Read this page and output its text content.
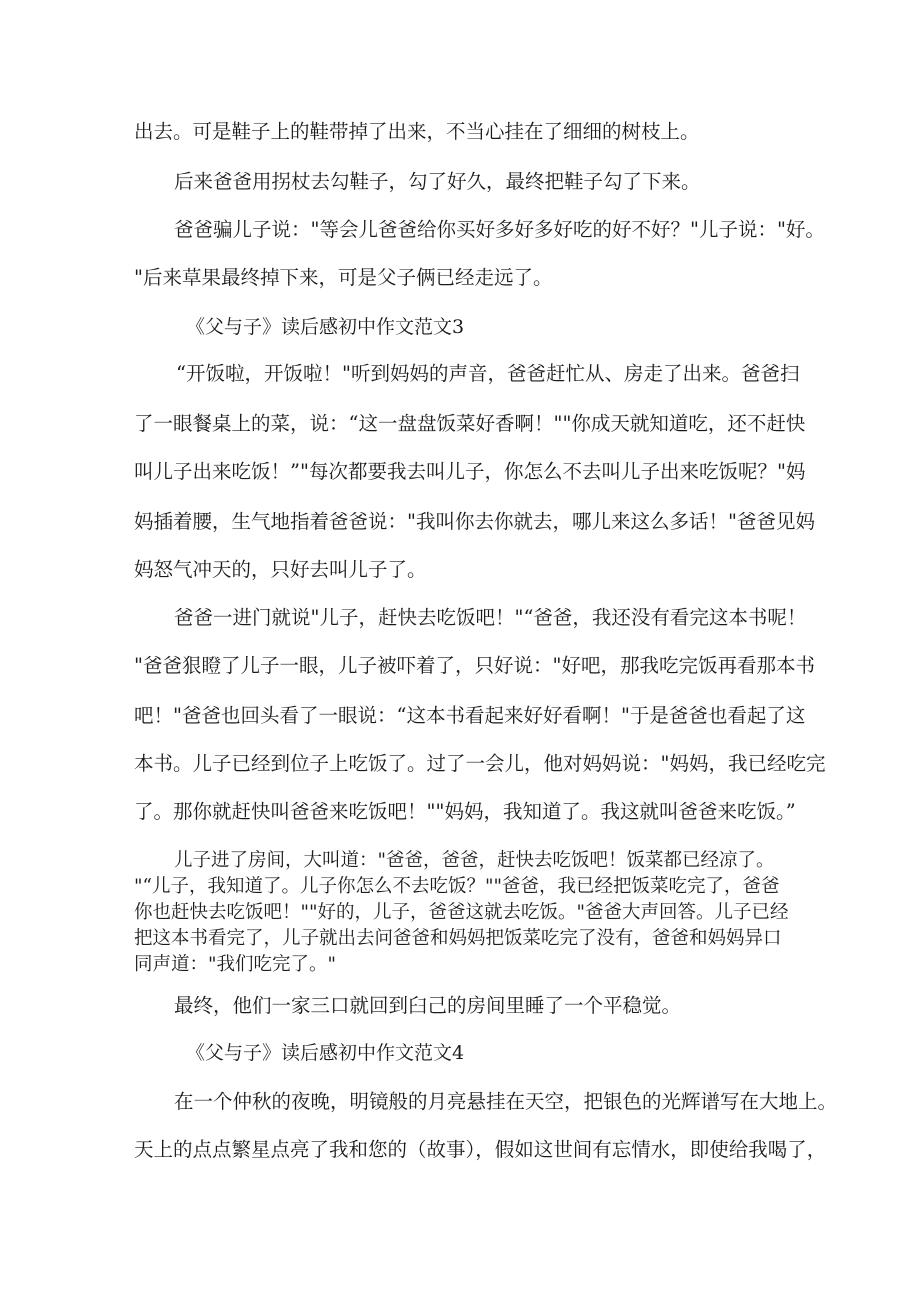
出去。可是鞋子上的鞋带掉了出来，不当心挂在了细细的树枝上。
后来爸爸用拐杖去勾鞋子，勾了好久，最终把鞋子勾了下来。
爸爸骗儿子说："等会儿爸爸给你买好多好多好吃的好不好？"儿子说："好。
"后来草果最终掉下来，可是父子俩已经走远了。
《父与子》读后感初中作文范文3
“开饭啦，开饭啦！"听到妈妈的声音，爸爸赶忙从、房走了出来。爸爸扫
了一眼餐桌上的菜，说：“这一盘盘饭菜好香啊！""你成天就知道吃，还不赶快
叫儿子出来吃饭！”"每次都要我去叫儿子，你怎么不去叫儿子出来吃饭呢？"妈
妈插着腰，生气地指着爸爸说："我叫你去你就去，哪儿来这么多话！"爸爸见妈
妈怒气冲天的，只好去叫儿子了。
爸爸一进门就说"儿子，赶快去吃饭吧！"“爸爸，我还没有看完这本书呢！
"爸爸狠瞪了儿子一眼，儿子被吓着了，只好说："好吧，那我吃完饭再看那本书
吧！"爸爸也回头看了一眼说：“这本书看起来好好看啊！"于是爸爸也看起了这
本书。儿子已经到位子上吃饭了。过了一会儿，他对妈妈说："妈妈，我已经吃完
了。那你就赶快叫爸爸来吃饭吧！""妈妈，我知道了。我这就叫爸爸来吃饭。”
儿子进了房间，大叫道："爸爸，爸爸，赶快去吃饭吧！饭菜都已经凉了。
"“儿子，我知道了。儿子你怎么不去吃饭？""爸爸，我已经把饭菜吃完了，爸爸
你也赶快去吃饭吧！""好的，儿子，爸爸这就去吃饭。"爸爸大声回答。儿子已经
把这本书看完了，儿子就出去问爸爸和妈妈把饭菜吃完了没有，爸爸和妈妈异口
同声道："我们吃完了。"
最终，他们一家三口就回到臼己的房间里睡了一个平稳觉。
《父与子》读后感初中作文范文4
在一个仲秋的夜晚，明镜般的月亮悬挂在天空，把银色的光辉谱写在大地上。
天上的点点繁星点亮了我和您的（故事），假如这世间有忘情水，即使给我喝了，
